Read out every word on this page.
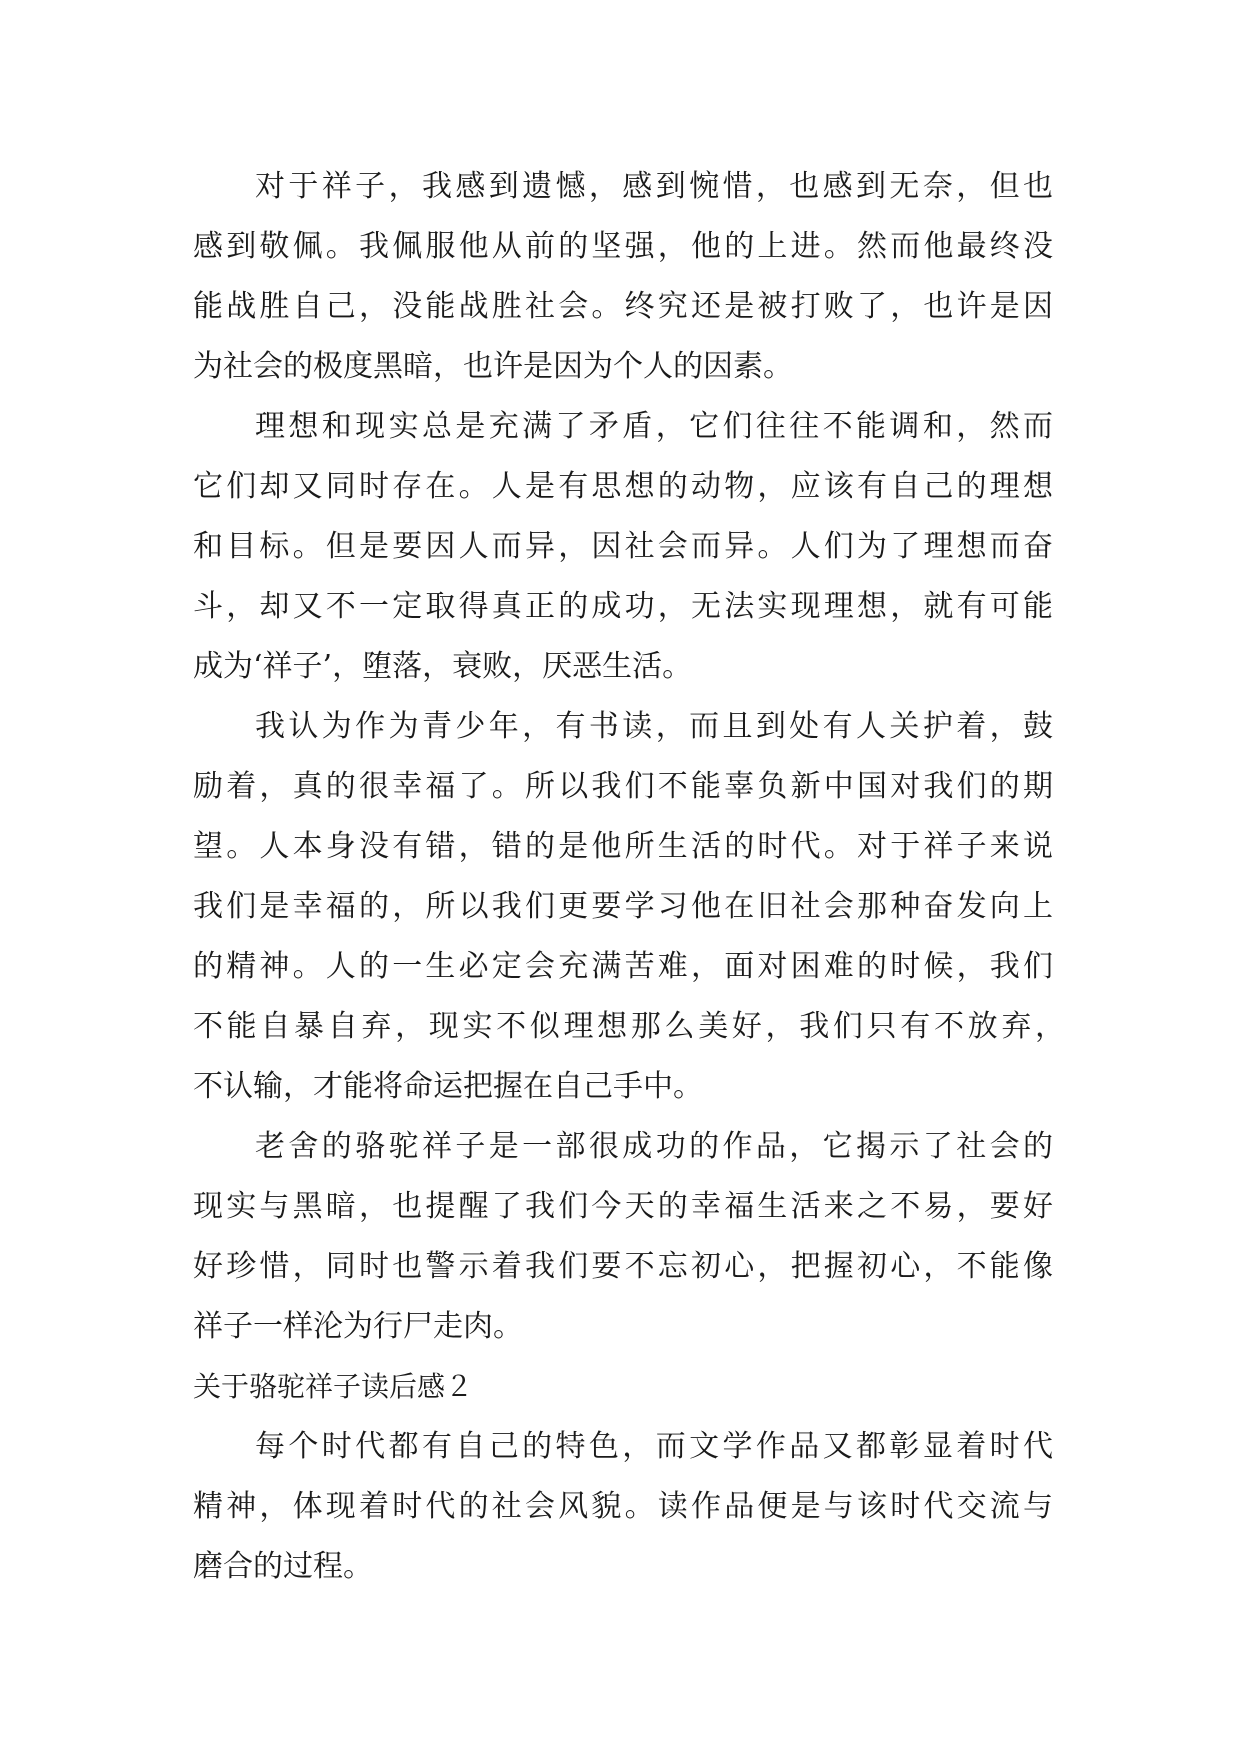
对于祥子，我感到遗憾，感到惋惜，也感到无奈，但也
感到敬佩。我佩服他从前的坚强，他的上进。然而他最终没
能战胜自己，没能战胜社会。终究还是被打败了，也许是因
为社会的极度黑暗，也许是因为个人的因素。
理想和现实总是充满了矛盾，它们往往不能调和，然而
它们却又同时存在。人是有思想的动物，应该有自己的理想
和目标。但是要因人而异，因社会而异。人们为了理想而奋
斗，却又不一定取得真正的成功，无法实现理想，就有可能
成为‘祥子’，堕落，衰败，厌恶生活。
我认为作为青少年，有书读，而且到处有人关护着，鼓
励着，真的很幸福了。所以我们不能辜负新中国对我们的期
望。人本身没有错，错的是他所生活的时代。对于祥子来说
我们是幸福的，所以我们更要学习他在旧社会那种奋发向上
的精神。人的一生必定会充满苦难，面对困难的时候，我们
不能自暴自弃，现实不似理想那么美好，我们只有不放弃，
不认输，才能将命运把握在自己手中。
老舍的骆驼祥子是一部很成功的作品，它揭示了社会的
现实与黑暗，也提醒了我们今天的幸福生活来之不易，要好
好珍惜，同时也警示着我们要不忘初心，把握初心，不能像
祥子一样沦为行尸走肉。
关于骆驼祥子读后感２
每个时代都有自己的特色，而文学作品又都彰显着时代
精神，体现着时代的社会风貌。读作品便是与该时代交流与
磨合的过程。
